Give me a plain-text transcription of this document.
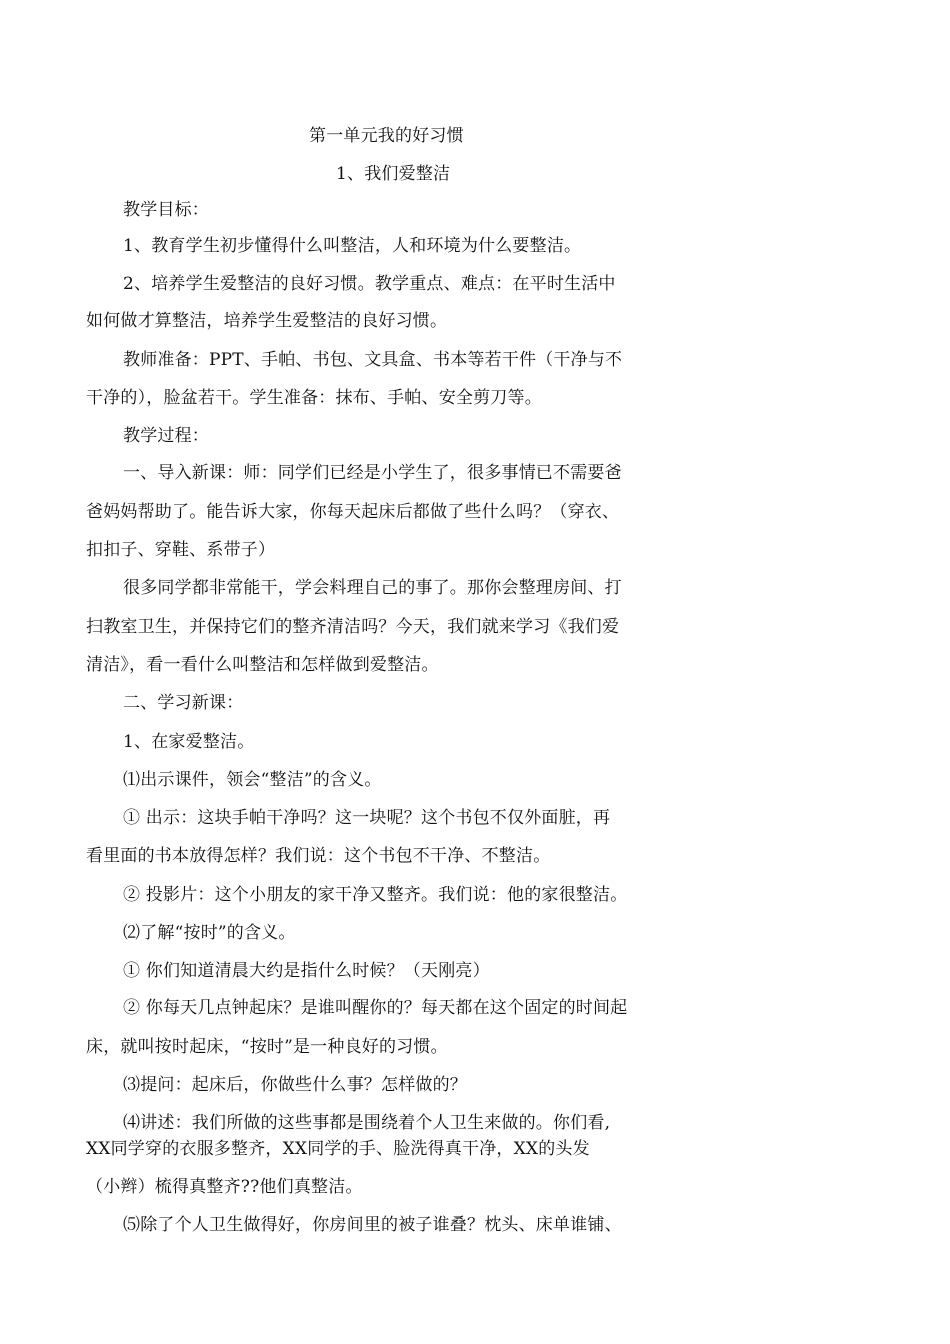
第一单元我的好习惯
1、我们爱整洁
教学目标：
1、教育学生初步懂得什么叫整洁，人和环境为什么要整洁。
2、培养学生爱整洁的良好习惯。教学重点、难点：在平时生活中
如何做才算整洁，培养学生爱整洁的良好习惯。
教师准备：PPT、手帕、书包、文具盒、书本等若干件（干净与不
干净的），脸盆若干。学生准备：抹布、手帕、安全剪刀等。
教学过程：
一、导入新课：师：同学们已经是小学生了，很多事情已不需要爸
爸妈妈帮助了。能告诉大家，你每天起床后都做了些什么吗？（穿衣、
扣扣子、穿鞋、系带子）
很多同学都非常能干，学会料理自己的事了。那你会整理房间、打
扫教室卫生，并保持它们的整齐清洁吗？今天，我们就来学习《我们爱
清洁》，看一看什么叫整洁和怎样做到爱整洁。
二、学习新课：
1、在家爱整洁。
⑴出示课件，领会“整洁”的含义。
① 出示：这块手帕干净吗？这一块呢？这个书包不仅外面脏，再
看里面的书本放得怎样？我们说：这个书包不干净、不整洁。
② 投影片：这个小朋友的家干净又整齐。我们说：他的家很整洁。
⑵了解“按时”的含义。
① 你们知道清晨大约是指什么时候？（天刚亮）
② 你每天几点钟起床？是谁叫醒你的？每天都在这个固定的时间起
床，就叫按时起床，“按时”是一种良好的习惯。
⑶提问：起床后，你做些什么事？怎样做的？
⑷讲述：我们所做的这些事都是围绕着个人卫生来做的。你们看,
XX同学穿的衣服多整齐，XX同学的手、脸洗得真干净，XX的头发
（小辫）梳得真整齐??他们真整洁。
⑸除了个人卫生做得好，你房间里的被子谁叠？枕头、床单谁铺、
